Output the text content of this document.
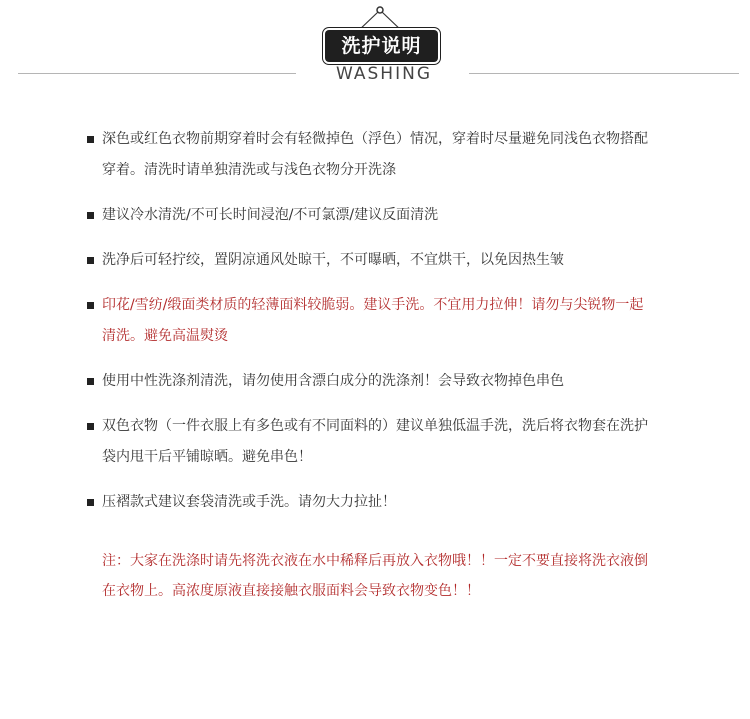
洗护说明
WASHING
深色或红色衣物前期穿着时会有轻微掉色（浮色）情况，穿着时尽量避免同浅色衣物搭配穿着。清洗时请单独清洗或与浅色衣物分开洗涤
建议冷水清洗/不可长时间浸泡/不可氯漂/建议反面清洗
洗净后可轻拧绞，置阴凉通风处晾干，不可曝晒，不宜烘干，以免因热生皱
印花/雪纺/缎面类材质的轻薄面料较脆弱。建议手洗。不宜用力拉伸！请勿与尖锐物一起清洗。避免高温熨烫
使用中性洗涤剂清洗，请勿使用含漂白成分的洗涤剂！会导致衣物掉色串色
双色衣物（一件衣服上有多色或有不同面料的）建议单独低温手洗，洗后将衣物套在洗护袋内甩干后平铺晾晒。避免串色！
压褶款式建议套袋清洗或手洗。请勿大力拉扯！
注：大家在洗涤时请先将洗衣液在水中稀释后再放入衣物哦！！一定不要直接将洗衣液倒在衣物上。高浓度原液直接接触衣服面料会导致衣物变色！！
